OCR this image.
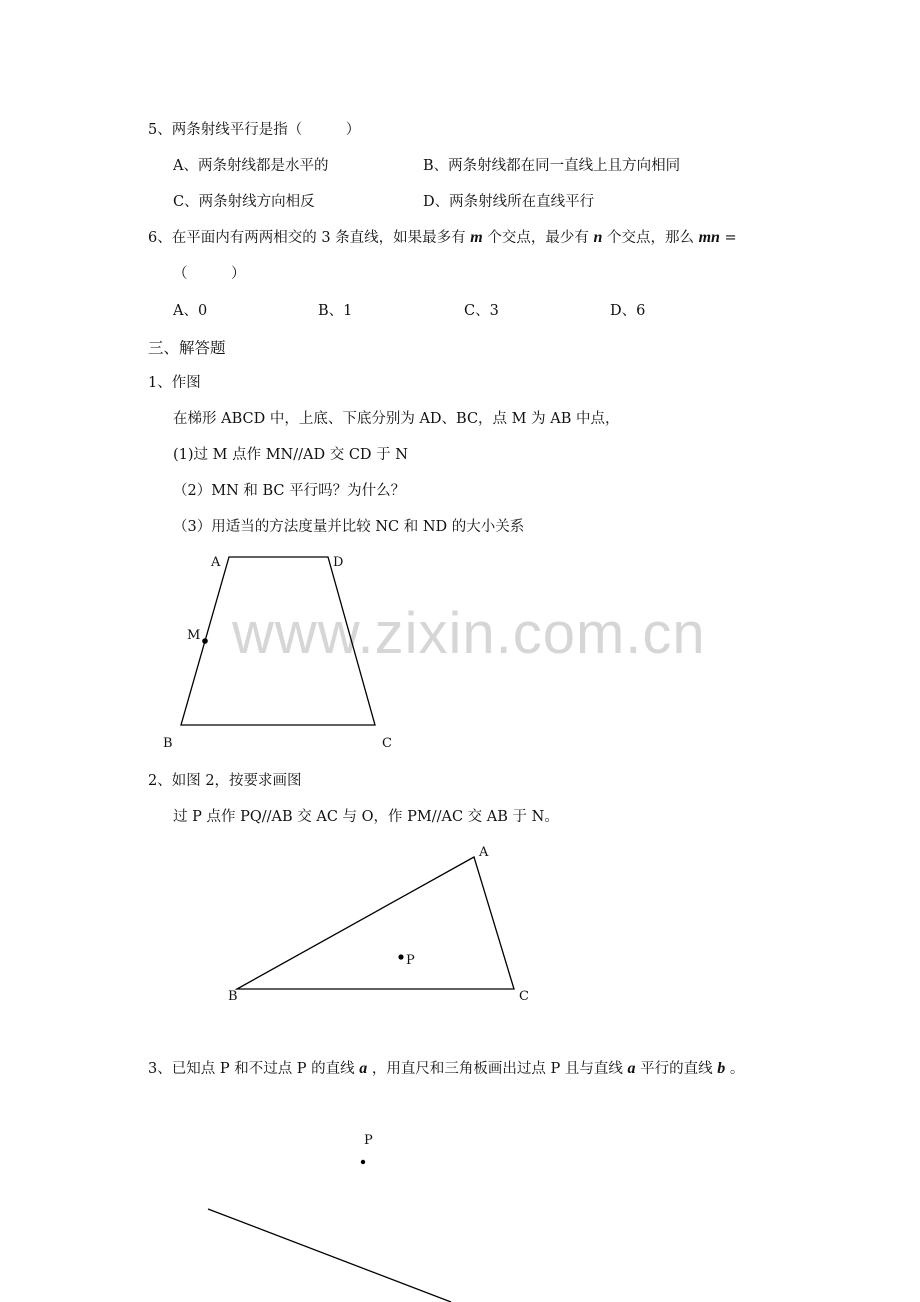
www.zixin.com.cn
5、两条射线平行是指（　　　）
A、两条射线都是水平的	B、两条射线都在同一直线上且方向相同
C、两条射线方向相反	D、两条射线所在直线平行
6、在平面内有两两相交的 3 条直线，如果最多有 m 个交点，最少有 n 个交点，那么 mn =
（　　　）
A、0	B、1	C、3	D、6
三、解答题
1、作图
在梯形 ABCD 中，上底、下底分别为 AD、BC，点 M 为 AB 中点，
(1)过 M 点作 MN//AD 交 CD 于 N
（2）MN 和 BC 平行吗？为什么？
（3）用适当的方法度量并比较 NC 和 ND 的大小关系
A	D
M
B	C
2、如图 2，按要求画图
过 P 点作 PQ//AB 交 AC 与 O，作 PM//AC 交 AB 于 N。
A
B	C
P
3、已知点 P 和不过点 P 的直线 a ，用直尺和三角板画出过点 P 且与直线 a 平行的直线 b 。
P
